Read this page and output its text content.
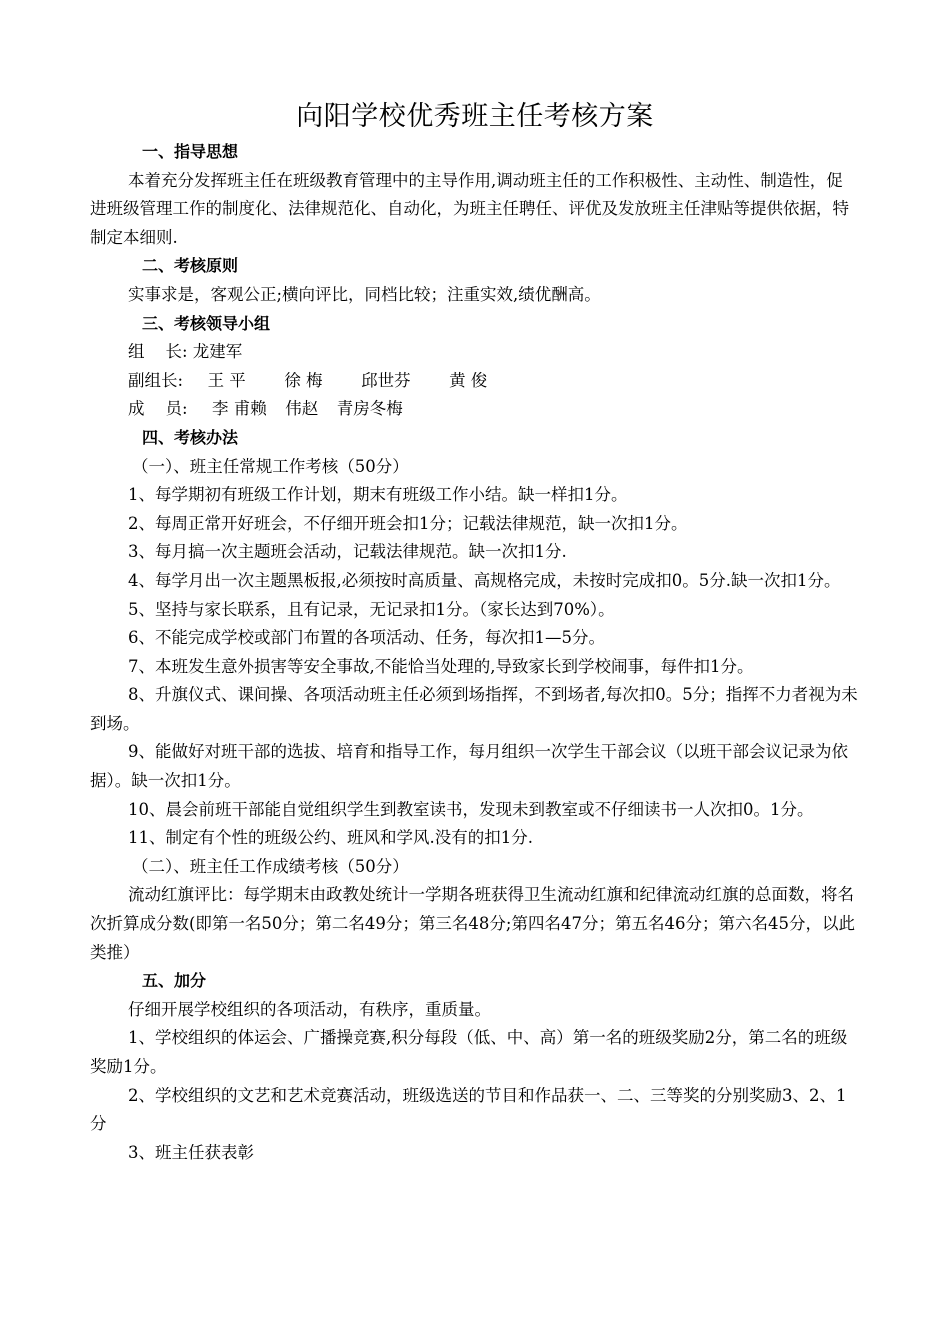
向阳学校优秀班主任考核方案

一、指导思想

本着充分发挥班主任在班级教育管理中的主导作用,调动班主任的工作积极性、主动性、制造性，促进班级管理工作的制度化、法律规范化、自动化，为班主任聘任、评优及发放班主任津贴等提供依据，特制定本细则.

二、考核原则

实事求是，客观公正;横向评比，同档比较；注重实效,绩优酬高。

三、考核领导小组

组    长: 龙建军

副组长: 王 平 徐 梅 邱世芬 黄 俊

成    员: 李 甫赖 伟赵 青房冬梅

四、考核办法

（一）、班主任常规工作考核（50分）

1、每学期初有班级工作计划，期末有班级工作小结。缺一样扣1分。

2、每周正常开好班会，不仔细开班会扣1分；记载法律规范，缺一次扣1分。

3、每月搞一次主题班会活动，记载法律规范。缺一次扣1分.

4、每学月出一次主题黑板报,必须按时高质量、高规格完成，未按时完成扣0。5分.缺一次扣1分。

5、坚持与家长联系，且有记录，无记录扣1分。（家长达到70%）。

6、不能完成学校或部门布置的各项活动、任务，每次扣1—5分。

7、本班发生意外损害等安全事故,不能恰当处理的,导致家长到学校闹事，每件扣1分。

8、升旗仪式、课间操、各项活动班主任必须到场指挥，不到场者,每次扣0。5分；指挥不力者视为未到场。

9、能做好对班干部的选拔、培育和指导工作，每月组织一次学生干部会议（以班干部会议记录为依据）。缺一次扣1分。

10、晨会前班干部能自觉组织学生到教室读书，发现未到教室或不仔细读书一人次扣0。1分。

11、制定有个性的班级公约、班风和学风.没有的扣1分.

（二）、班主任工作成绩考核（50分）

流动红旗评比：每学期末由政教处统计一学期各班获得卫生流动红旗和纪律流动红旗的总面数，将名次折算成分数(即第一名50分；第二名49分；第三名48分;第四名47分；第五名46分；第六名45分，以此类推）

五、加分

仔细开展学校组织的各项活动，有秩序，重质量。

1、学校组织的体运会、广播操竞赛,积分每段（低、中、高）第一名的班级奖励2分，第二名的班级奖励1分。

2、学校组织的文艺和艺术竞赛活动，班级选送的节目和作品获一、二、三等奖的分别奖励3、2、1分

3、班主任获表彰
